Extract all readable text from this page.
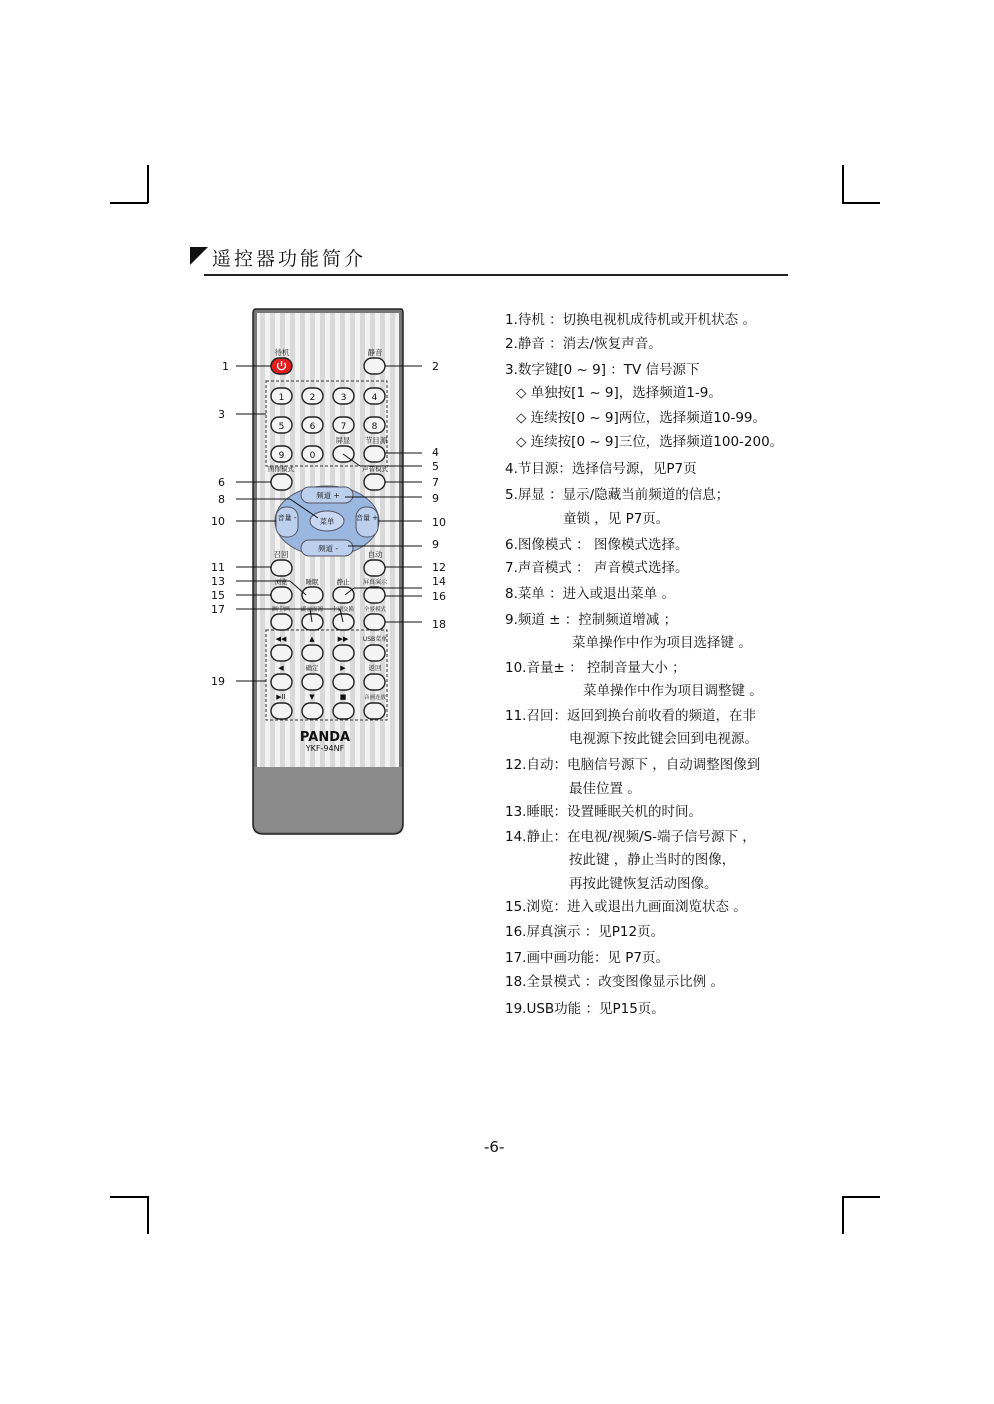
遥控器功能简介
待机	静音
屏显 节目源
图像模式	声音模式
召回	自动
浏览	睡眠	静止 屏真演示
画中画 副画面源 主副交换 全景模式
◀◀	▲	▶▶ USB菜单
◀	确定	▶	返回
▶II	▼	■	音画连放
频道 +
频道 -
菜单
音量 -	音量 +
1	2	3	4
5	6	7	8
9	0
PANDA
YKF-94NF
1
3
6
8
10
11
13
15
17
19
2
4
5
7
9
10
9
12
14
16
18
1.待机 ：切换电视机成待机或开机状态 。
2.静音 ：消去/恢复声音。
3.数字键[0 ~ 9] ：TV 信号源下
◇ 单独按[1 ~ 9]，选择频道1-9。
◇ 连续按[0 ~ 9]两位，选择频道10-99。
◇ 连续按[0 ~ 9]三位，选择频道100-200。
4.节目源：选择信号源，见P7页
5.屏显 ：显示/隐藏当前频道的信息；
童锁 ，见 P7页。
6.图像模式 ： 图像模式选择。
7.声音模式 ： 声音模式选择。
8.菜单 ：进入或退出菜单 。
9.频道 ± ：控制频道增减 ；
菜单操作中作为项目选择键 。
10.音量± ： 控制音量大小 ；
菜单操作中作为项目调整键 。
11.召回：返回到换台前收看的频道，在非
电视源下按此键会回到电视源。
12.自动：电脑信号源下 ，自动调整图像到
最佳位置 。
13.睡眠：设置睡眠关机的时间。
14.静止：在电视/视频/S-端子信号源下 ，
按此键 ，静止当时的图像，
再按此键恢复活动图像。
15.浏览：进入或退出九画面浏览状态 。
16.屏真演示 ：见P12页。
17.画中画功能：见 P7页。
18.全景模式 ：改变图像显示比例 。
19.USB功能 ：见P15页。
-6-
